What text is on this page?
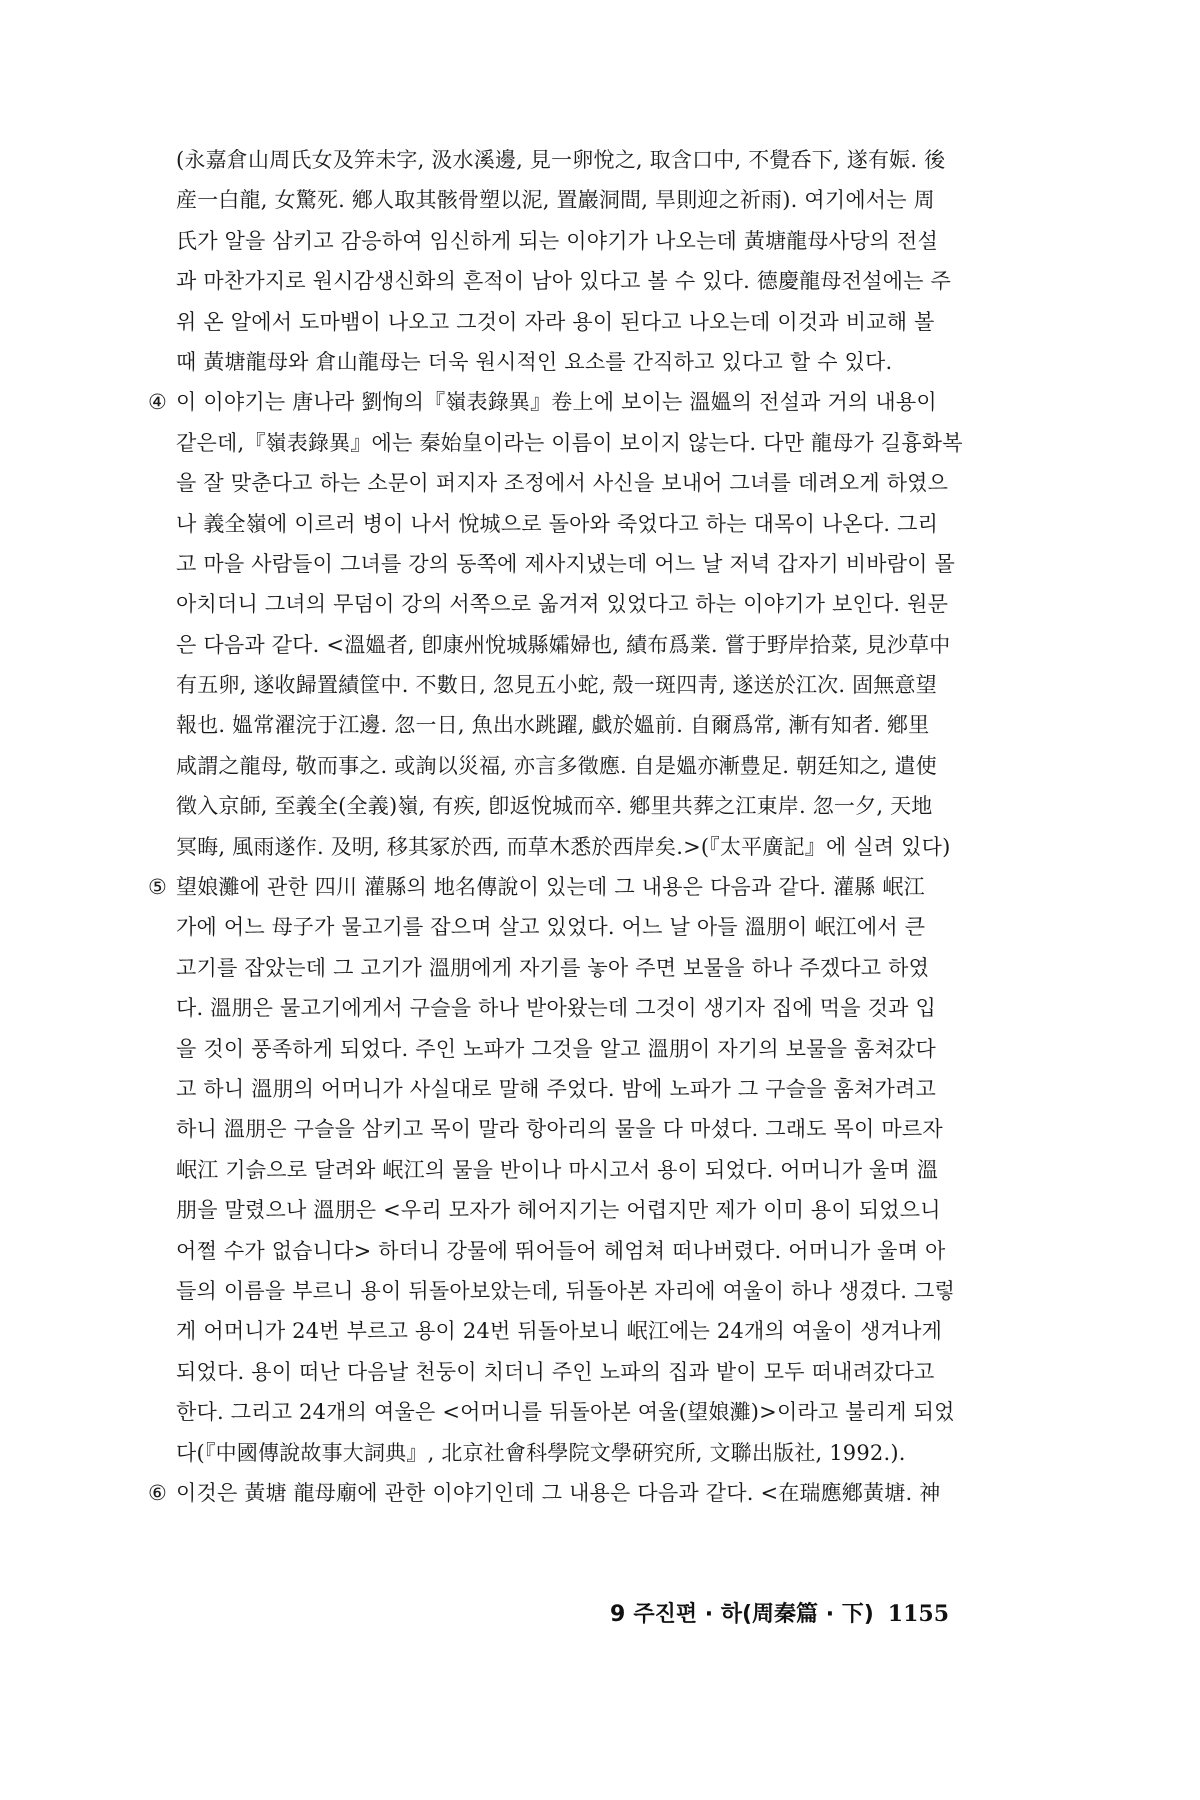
(永嘉倉山周氏女及笄未字, 汲水溪邊, 見一卵悅之, 取含口中, 不覺呑下, 遂有娠. 後
産一白龍, 女驚死. 鄕人取其骸骨塑以泥, 置巖洞間, 旱則迎之祈雨). 여기에서는 周
氏가 알을 삼키고 감응하여 임신하게 되는 이야기가 나오는데 黃塘龍母사당의 전설
과 마찬가지로 원시감생신화의 흔적이 남아 있다고 볼 수 있다. 德慶龍母전설에는 주
위 온 알에서 도마뱀이 나오고 그것이 자라 용이 된다고 나오는데 이것과 비교해 볼
때 黃塘龍母와 倉山龍母는 더욱 원시적인 요소를 간직하고 있다고 할 수 있다.
④ 이 이야기는 唐나라 劉恂의『嶺表錄異』卷上에 보이는 溫媼의 전설과 거의 내용이
같은데,『嶺表錄異』에는 秦始皇이라는 이름이 보이지 않는다. 다만 龍母가 길흉화복
을 잘 맞춘다고 하는 소문이 퍼지자 조정에서 사신을 보내어 그녀를 데려오게 하였으
나 義全嶺에 이르러 병이 나서 悅城으로 돌아와 죽었다고 하는 대목이 나온다. 그리
고 마을 사람들이 그녀를 강의 동쪽에 제사지냈는데 어느 날 저녁 갑자기 비바람이 몰
아치더니 그녀의 무덤이 강의 서쪽으로 옮겨져 있었다고 하는 이야기가 보인다. 원문
은 다음과 같다. <溫媼者, 卽康州悅城縣孀婦也, 績布爲業. 嘗于野岸拾菜, 見沙草中
有五卵, 遂收歸置績筐中. 不數日, 忽見五小蛇, 殼一斑四靑, 遂送於江次. 固無意望
報也. 媼常濯浣于江邊. 忽一日, 魚出水跳躍, 戱於媼前. 自爾爲常, 漸有知者. 鄕里
咸謂之龍母, 敬而事之. 或詢以災福, 亦言多徵應. 自是媼亦漸豊足. 朝廷知之, 遣使
徵入京師, 至義全(全義)嶺, 有疾, 卽返悅城而卒. 鄕里共葬之江東岸. 忽一夕, 天地
冥晦, 風雨遂作. 及明, 移其冢於西, 而草木悉於西岸矣.>(『太平廣記』에 실려 있다)
⑤ 望娘灘에 관한 四川 灌縣의 地名傳說이 있는데 그 내용은 다음과 같다. 灌縣 岷江
가에 어느 母子가 물고기를 잡으며 살고 있었다. 어느 날 아들 溫朋이 岷江에서 큰
고기를 잡았는데 그 고기가 溫朋에게 자기를 놓아 주면 보물을 하나 주겠다고 하였
다. 溫朋은 물고기에게서 구슬을 하나 받아왔는데 그것이 생기자 집에 먹을 것과 입
을 것이 풍족하게 되었다. 주인 노파가 그것을 알고 溫朋이 자기의 보물을 훔쳐갔다
고 하니 溫朋의 어머니가 사실대로 말해 주었다. 밤에 노파가 그 구슬을 훔쳐가려고
하니 溫朋은 구슬을 삼키고 목이 말라 항아리의 물을 다 마셨다. 그래도 목이 마르자
岷江 기슭으로 달려와 岷江의 물을 반이나 마시고서 용이 되었다. 어머니가 울며 溫
朋을 말렸으나 溫朋은 <우리 모자가 헤어지기는 어렵지만 제가 이미 용이 되었으니
어쩔 수가 없습니다> 하더니 강물에 뛰어들어 헤엄쳐 떠나버렸다. 어머니가 울며 아
들의 이름을 부르니 용이 뒤돌아보았는데, 뒤돌아본 자리에 여울이 하나 생겼다. 그렇
게 어머니가 24번 부르고 용이 24번 뒤돌아보니 岷江에는 24개의 여울이 생겨나게
되었다. 용이 떠난 다음날 천둥이 치더니 주인 노파의 집과 밭이 모두 떠내려갔다고
한다. 그리고 24개의 여울은 <어머니를 뒤돌아본 여울(望娘灘)>이라고 불리게 되었
다(『中國傳說故事大詞典』, 北京社會科學院文學硏究所, 文聯出版社, 1992.).
⑥ 이것은 黃塘 龍母廟에 관한 이야기인데 그 내용은 다음과 같다. <在瑞應鄕黃塘. 神
9 주진편 · 하(周秦篇 · 下) 1155
